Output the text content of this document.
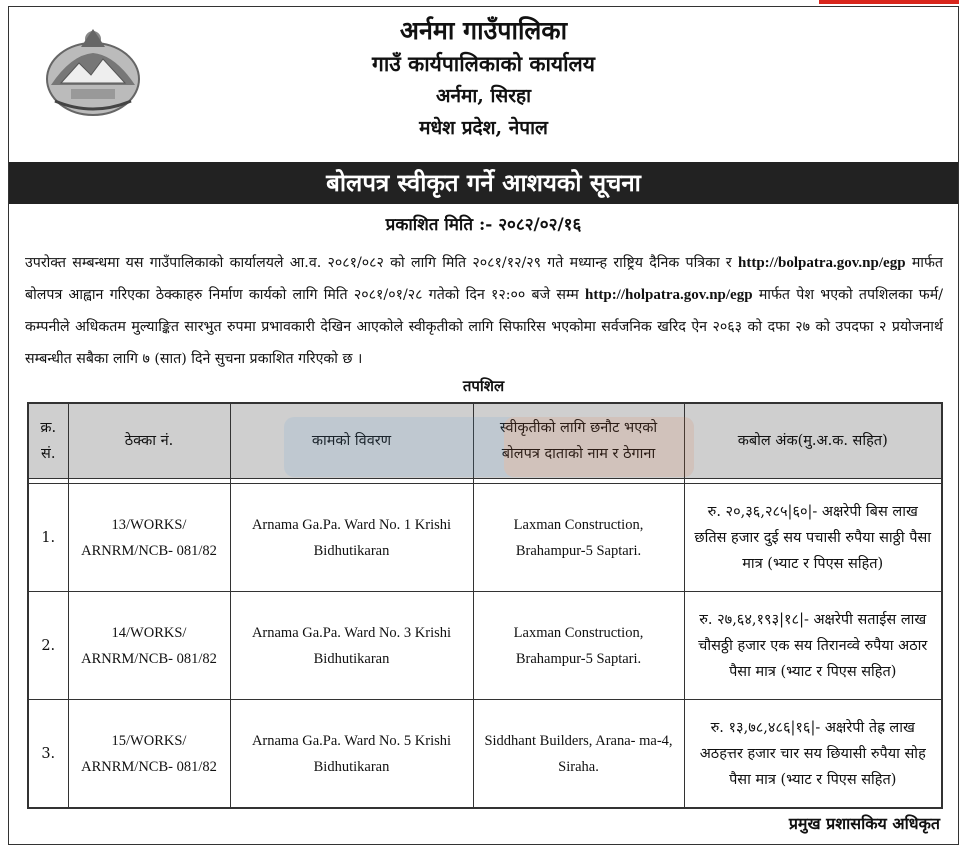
अर्नमा गाउँपालिका
गाउँ कार्यपालिकाको कार्यालय
अर्नमा, सिरहा
मधेश प्रदेश, नेपाल
बोलपत्र स्वीकृत गर्ने आशयको सूचना
प्रकाशित मिति :- २०८२/०२/१६
उपरोक्त सम्बन्धमा यस गाउँपालिकाको कार्यालयले आ.व. २०८१/०८२ को लागि मिति २०८१/१२/२९ गते मध्यान्ह राष्ट्रिय दैनिक पत्रिका र http://bolpatra.gov.np/egp मार्फत बोलपत्र आह्वान गरिएका ठेक्काहरु निर्माण कार्यको लागि मिति २०८१/०१/२८ गतेको दिन १२:०० बजे सम्म http://holpatra.gov.np/egp मार्फत पेश भएको तपशिलका फर्म/कम्पनीले अधिकतम मुल्याङ्कित सारभुत रुपमा प्रभावकारी देखिन आएकोले स्वीकृतीको लागि सिफारिस भएकोमा सर्वजनिक खरिद ऐन २०६३ को दफा २७ को उपदफा २ प्रयोजनार्थ सम्बन्धीत सबैका लागि ७ (सात) दिने सुचना प्रकाशित गरिएको छ ।
तपशिल
क्र. सं.	ठेक्का नं.	कामको विवरण	स्वीकृतीको लागि छनौट भएको बोलपत्र दाताको नाम र ठेगाना	कबोल अंक(मु.अ.क. सहित)

1.	13/WORKS/ ARNRM/NCB- 081/82	Arnama Ga.Pa. Ward No. 1 Krishi Bidhutikaran	Laxman Construction, Brahampur-5 Saptari.	रु. २०,३६,२८५|६०|- अक्षरेपी बिस लाख छतिस हजार दुई सय पचासी रुपैया साठ्ठी पैसा मात्र (भ्याट र पिएस सहित)
2.	14/WORKS/ ARNRM/NCB- 081/82	Arnama Ga.Pa. Ward No. 3 Krishi Bidhutikaran	Laxman Construction, Brahampur-5 Saptari.	रु. २७,६४,१९३|१८|- अक्षरेपी सताईस लाख चौसठ्ठी हजार एक सय तिरानव्वे रुपैया अठार पैसा मात्र (भ्याट र पिएस सहित)
3.	15/WORKS/ ARNRM/NCB- 081/82	Arnama Ga.Pa. Ward No. 5 Krishi Bidhutikaran	Siddhant Builders, Arana- ma-4, Siraha.	रु. १३,७८,४८६|१६|- अक्षरेपी तेह्र लाख अठहत्तर हजार चार सय छियासी रुपैया सोह पैसा मात्र (भ्याट र पिएस सहित)
प्रमुख प्रशासकिय अधिकृत
